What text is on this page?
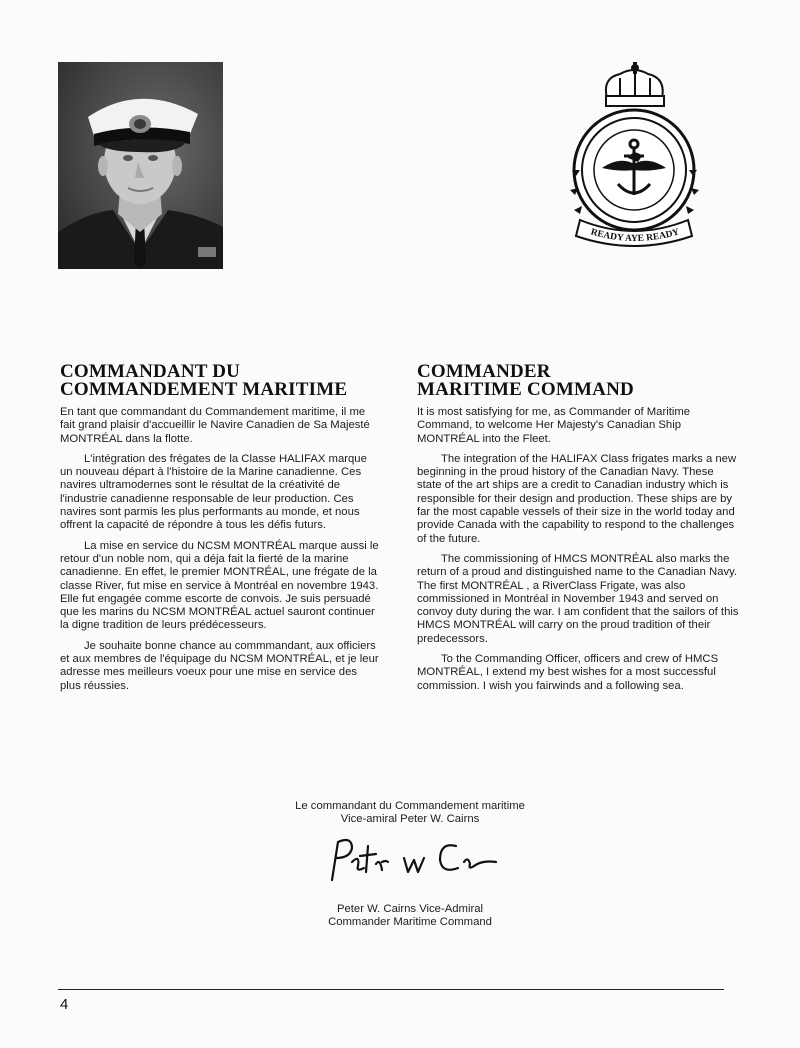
READY AYE READY
COMMANDANT DU
COMMANDEMENT MARITIME

En tant que commandant du Commandement maritime, il me fait grand plaisir d'accueillir le Navire Canadien de Sa Majesté MONTRÉAL dans la flotte.

L'intégration des frégates de la Classe HALIFAX marque un nouveau départ à l'histoire de la Marine canadienne. Ces navires ultramodernes sont le résultat de la créativité de l'industrie canadienne responsable de leur production. Ces navires sont parmis les plus performants au monde, et nous offrent la capacité de répondre à tous les défis futurs.

La mise en service du NCSM MONTRÉAL marque aussi le retour d'un noble nom, qui a déja fait la fierté de la marine canadienne. En effet, le premier MONTRÉAL, une frégate de la classe River, fut mise en service à Montréal en novembre 1943. Elle fut engagée comme escorte de convois. Je suis persuadé que les marins du NCSM MONTRÉAL actuel sauront continuer la digne tradition de leurs prédécesseurs.

Je souhaite bonne chance au commmandant, aux officiers et aux membres de l'équipage du NCSM MONTRÉAL, et je leur adresse mes meilleurs voeux pour une mise en service des plus réussies.

COMMANDER
MARITIME COMMAND

It is most satisfying for me, as Commander of Maritime Command, to welcome Her Majesty's Canadian Ship MONTRÉAL into the Fleet.

The integration of the HALIFAX Class frigates marks a new beginning in the proud history of the Canadian Navy. These state of the art ships are a credit to Canadian industry which is responsible for their design and production. These ships are by far the most capable vessels of their size in the world today and provide Canada with the capability to respond to the challenges of the future.

The commissioning of HMCS MONTRÉAL also marks the return of a proud and distinguished name to the Canadian Navy. The first MONTRÉAL , a RiverClass Frigate, was also commissioned in Montréal in November 1943 and served on convoy duty during the war. I am confident that the sailors of this HMCS MONTRÉAL will carry on the proud tradition of their predecessors.

To the Commanding Officer, officers and crew of HMCS MONTRÉAL, I extend my best wishes for a most successful commission. I wish you fairwinds and a following sea.

Le commandant du Commandement maritime
Vice-amiral Peter W. Cairns
Peter W. Cairns Vice-Admiral
Commander Maritime Command
4
